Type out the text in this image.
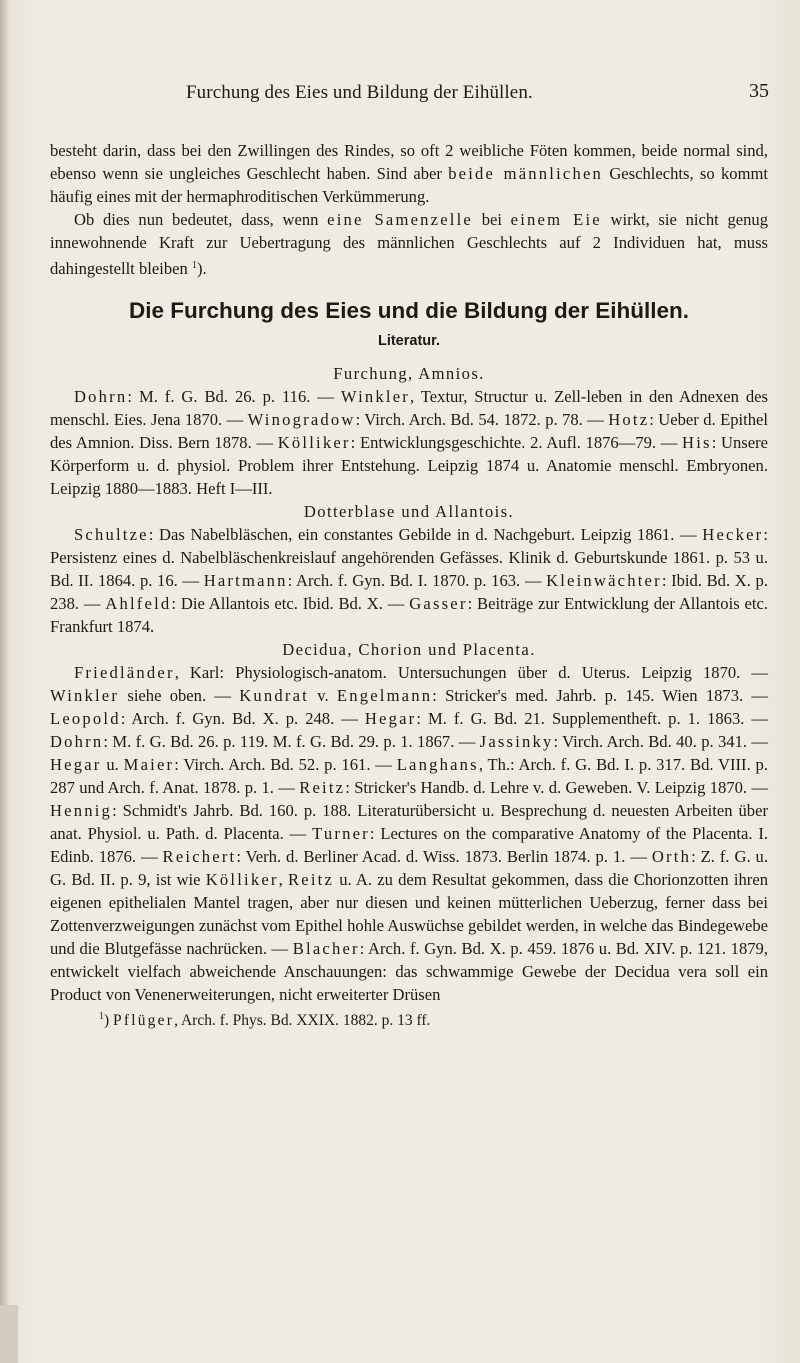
Furchung des Eies und Bildung der Eihüllen.	35

besteht darin, dass bei den Zwillingen des Rindes, so oft 2 weibliche Föten kommen, beide normal sind, ebenso wenn sie ungleiches Geschlecht haben. Sind aber beide männlichen Geschlechts, so kommt häufig eines mit der hermaphroditischen Verkümmerung.

Ob dies nun bedeutet, dass, wenn eine Samenzelle bei einem Eie wirkt, sie nicht genug innewohnende Kraft zur Uebertragung des männlichen Geschlechts auf 2 Individuen hat, muss dahingestellt bleiben $^1$).

Die Furchung des Eies und die Bildung der Eihüllen.
Literatur.

Furchung, Amnios.

Dohrn: M. f. G. Bd. 26. p. 116. — Winkler, Textur, Structur u. Zell-leben in den Adnexen des menschl. Eies. Jena 1870. — Winogradow: Virch. Arch. Bd. 54. 1872. p. 78. — Hotz: Ueber d. Epithel des Amnion. Diss. Bern 1878. — Kölliker: Entwicklungsgeschichte. 2. Aufl. 1876—79. — His: Unsere Körperform u. d. physiol. Problem ihrer Entstehung. Leipzig 1874 u. Anatomie menschl. Embryonen. Leipzig 1880—1883. Heft I—III.

Dotterblase und Allantois.

Schultze: Das Nabelbläschen, ein constantes Gebilde in d. Nachgeburt. Leipzig 1861. — Hecker: Persistenz eines d. Nabelbläschenkreislauf angehörenden Gefässes. Klinik d. Geburtskunde 1861. p. 53 u. Bd. II. 1864. p. 16. — Hartmann: Arch. f. Gyn. Bd. I. 1870. p. 163. — Kleinwächter: Ibid. Bd. X. p. 238. — Ahlfeld: Die Allantois etc. Ibid. Bd. X. — Gasser: Beiträge zur Entwicklung der Allantois etc. Frankfurt 1874.

Decidua, Chorion und Placenta.

Friedländer, Karl: Physiologisch-anatom. Untersuchungen über d. Uterus. Leipzig 1870. — Winkler siehe oben. — Kundrat v. Engelmann: Stricker's med. Jahrb. p. 145. Wien 1873. — Leopold: Arch. f. Gyn. Bd. X. p. 248. — Hegar: M. f. G. Bd. 21. Supplementheft. p. 1. 1863. — Dohrn: M. f. G. Bd. 26. p. 119. M. f. G. Bd. 29. p. 1. 1867. — Jassinky: Virch. Arch. Bd. 40. p. 341. — Hegar u. Maier: Virch. Arch. Bd. 52. p. 161. — Langhans, Th.: Arch. f. G. Bd. I. p. 317. Bd. VIII. p. 287 und Arch. f. Anat. 1878. p. 1. — Reitz: Stricker's Handb. d. Lehre v. d. Geweben. V. Leipzig 1870. — Hennig: Schmidt's Jahrb. Bd. 160. p. 188. Literaturübersicht u. Besprechung d. neuesten Arbeiten über anat. Physiol. u. Path. d. Placenta. — Turner: Lectures on the comparative Anatomy of the Placenta. I. Edinb. 1876. — Reichert: Verh. d. Berliner Acad. d. Wiss. 1873. Berlin 1874. p. 1. — Orth: Z. f. G. u. G. Bd. II. p. 9, ist wie Kölliker, Reitz u. A. zu dem Resultat gekommen, dass die Chorionzotten ihren eigenen epithelialen Mantel tragen, aber nur diesen und keinen mütterlichen Ueberzug, ferner dass bei Zottenverzweigungen zunächst vom Epithel hohle Auswüchse gebildet werden, in welche das Bindegewebe und die Blutgefässe nachrücken. — Blacher: Arch. f. Gyn. Bd. X. p. 459. 1876 u. Bd. XIV. p. 121. 1879, entwickelt vielfach abweichende Anschauungen: das schwammige Gewebe der Decidua vera soll ein Product von Venenerweiterungen, nicht erweiterter Drüsen

$^1$) Pflüger, Arch. f. Phys. Bd. XXIX. 1882. p. 13 ff.
